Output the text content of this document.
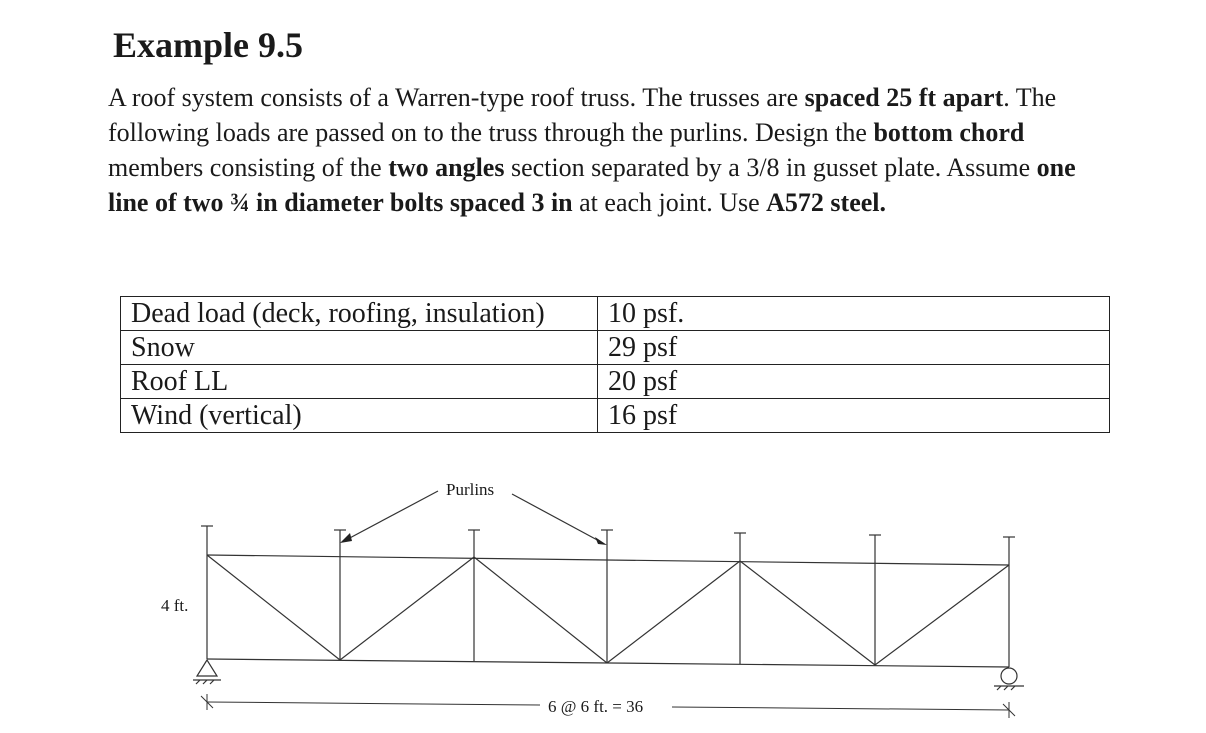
Example 9.5

A roof system consists of a Warren-type roof truss. The trusses are spaced 25 ft apart. The following loads are passed on to the truss through the purlins. Design the bottom chord members consisting of the two angles section separated by a 3/8 in gusset plate. Assume one line of two ¾ in diameter bolts spaced 3 in at each joint. Use A572 steel.

Dead load (deck, roofing, insulation)	10 psf.
Snow	29 psf
Roof LL	20 psf
Wind (vertical)	16 psf
Purlins
4 ft.
6 @ 6 ft. = 36
